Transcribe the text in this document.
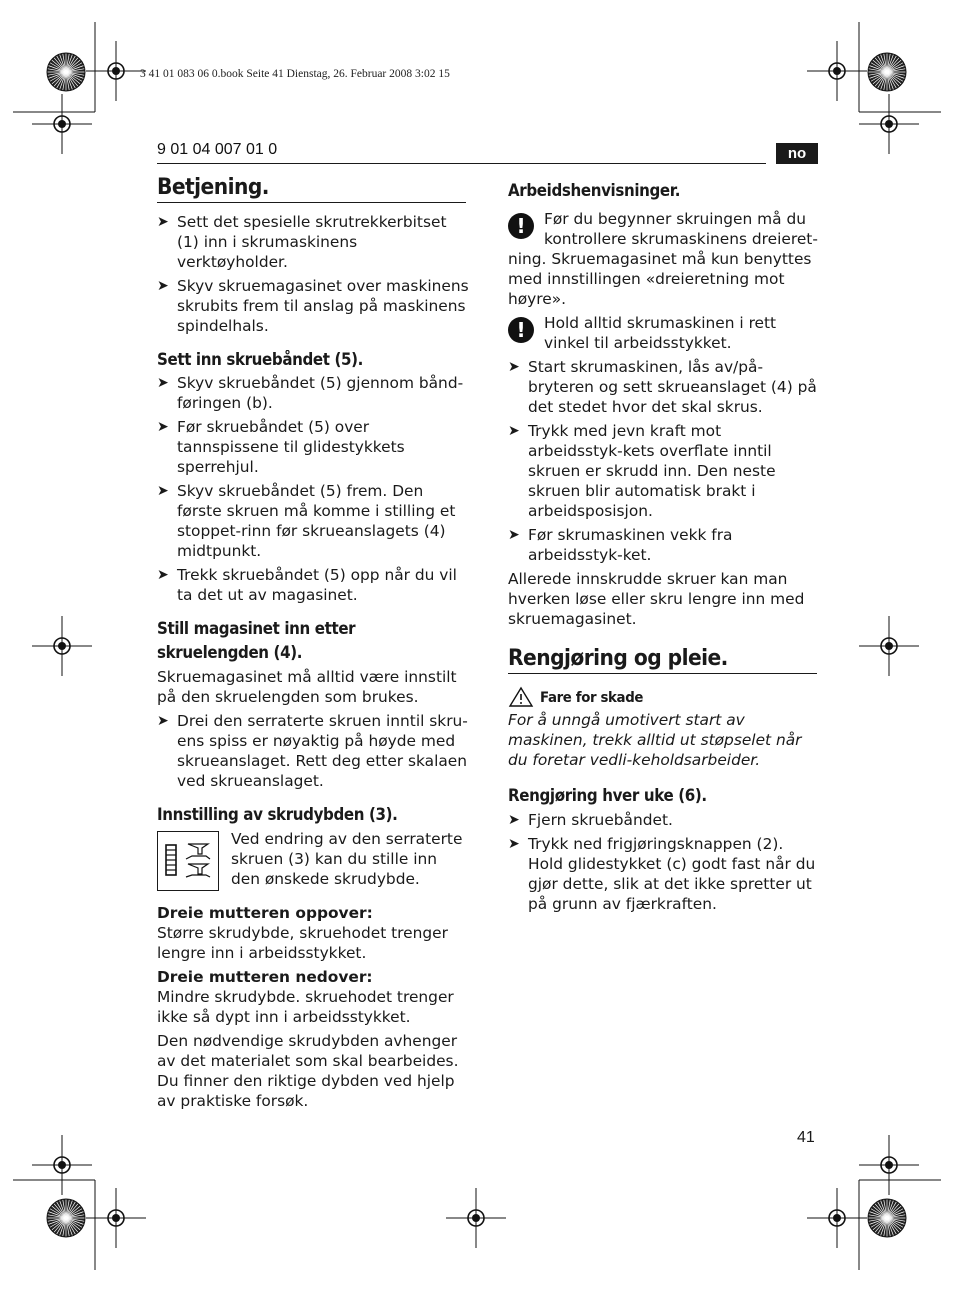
3 41 01 083 06 0.book Seite 41 Dienstag, 26. Februar 2008 3:02 15
9 01 04 007 01 0	no
Betjening.
➤ Sett det spesielle skrutrekkerbitset (1) inn i skrumaskinens verktøyholder.
➤ Skyv skruemagasinet over maskinens skrubits frem til anslag på maskinens spindelhals.
Sett inn skruebåndet (5).
➤ Skyv skruebåndet (5) gjennom bånd-føringen (b).
➤ Før skruebåndet (5) over tannspissene til glidestykkets sperrehjul.
➤ Skyv skruebåndet (5) frem. Den første skruen må komme i stilling et stoppet-rinn før skrueanslagets (4) midtpunkt.
➤ Trekk skruebåndet (5) opp når du vil ta det ut av magasinet.
Still magasinet inn etter
skruelengden (4).

Skruemagasinet må alltid være innstilt på den skruelengden som brukes.

➤ Drei den serraterte skruen inntil skru-ens spiss er nøyaktig på høyde med skrueanslaget. Rett deg etter skalaen ved skrueanslaget.
Innstilling av skrudybden (3).
Ved endring av den serraterte skruen (3) kan du stille inn den ønskede skrudybde.

Dreie mutteren oppover:

Større skrudybde, skruehodet trenger lengre inn i arbeidsstykket.

Dreie mutteren nedover:

Mindre skrudybde. skruehodet trenger ikke så dypt inn i arbeidsstykket.

Den nødvendige skrudybden avhenger av det materialet som skal bearbeides. Du finner den riktige dybden ved hjelp av praktiske forsøk.

Arbeidshenvisninger.
!	Før du begynner skruingen må du kontrollere skrumaskinens dreieret-ning. Skruemagasinet må kun benyttes med innstillingen «dreieretning mot høyre».
!	Hold alltid skrumaskinen i rett vinkel til arbeidsstykket.
➤ Start skrumaskinen, lås av/på-bryteren og sett skrueanslaget (4) på det stedet hvor det skal skrus.
➤ Trykk med jevn kraft mot arbeidsstyk-kets overflate inntil skruen er skrudd inn. Den neste skruen blir automatisk brakt i arbeidsposisjon.
➤ Før skrumaskinen vekk fra arbeidsstyk-ket.

Allerede innskrudde skruer kan man hverken løse eller skru lengre inn med skruemagasinet.

Rengjøring og pleie.
Fare for skade

For å unngå umotivert start av maskinen, trekk alltid ut støpselet når du foretar vedli-keholdsarbeider.

Rengjøring hver uke (6).
➤ Fjern skruebåndet.
➤ Trykk ned frigjøringsknappen (2). Hold glidestykket (c) godt fast når du gjør dette, slik at det ikke spretter ut på grunn av fjærkraften.
41
